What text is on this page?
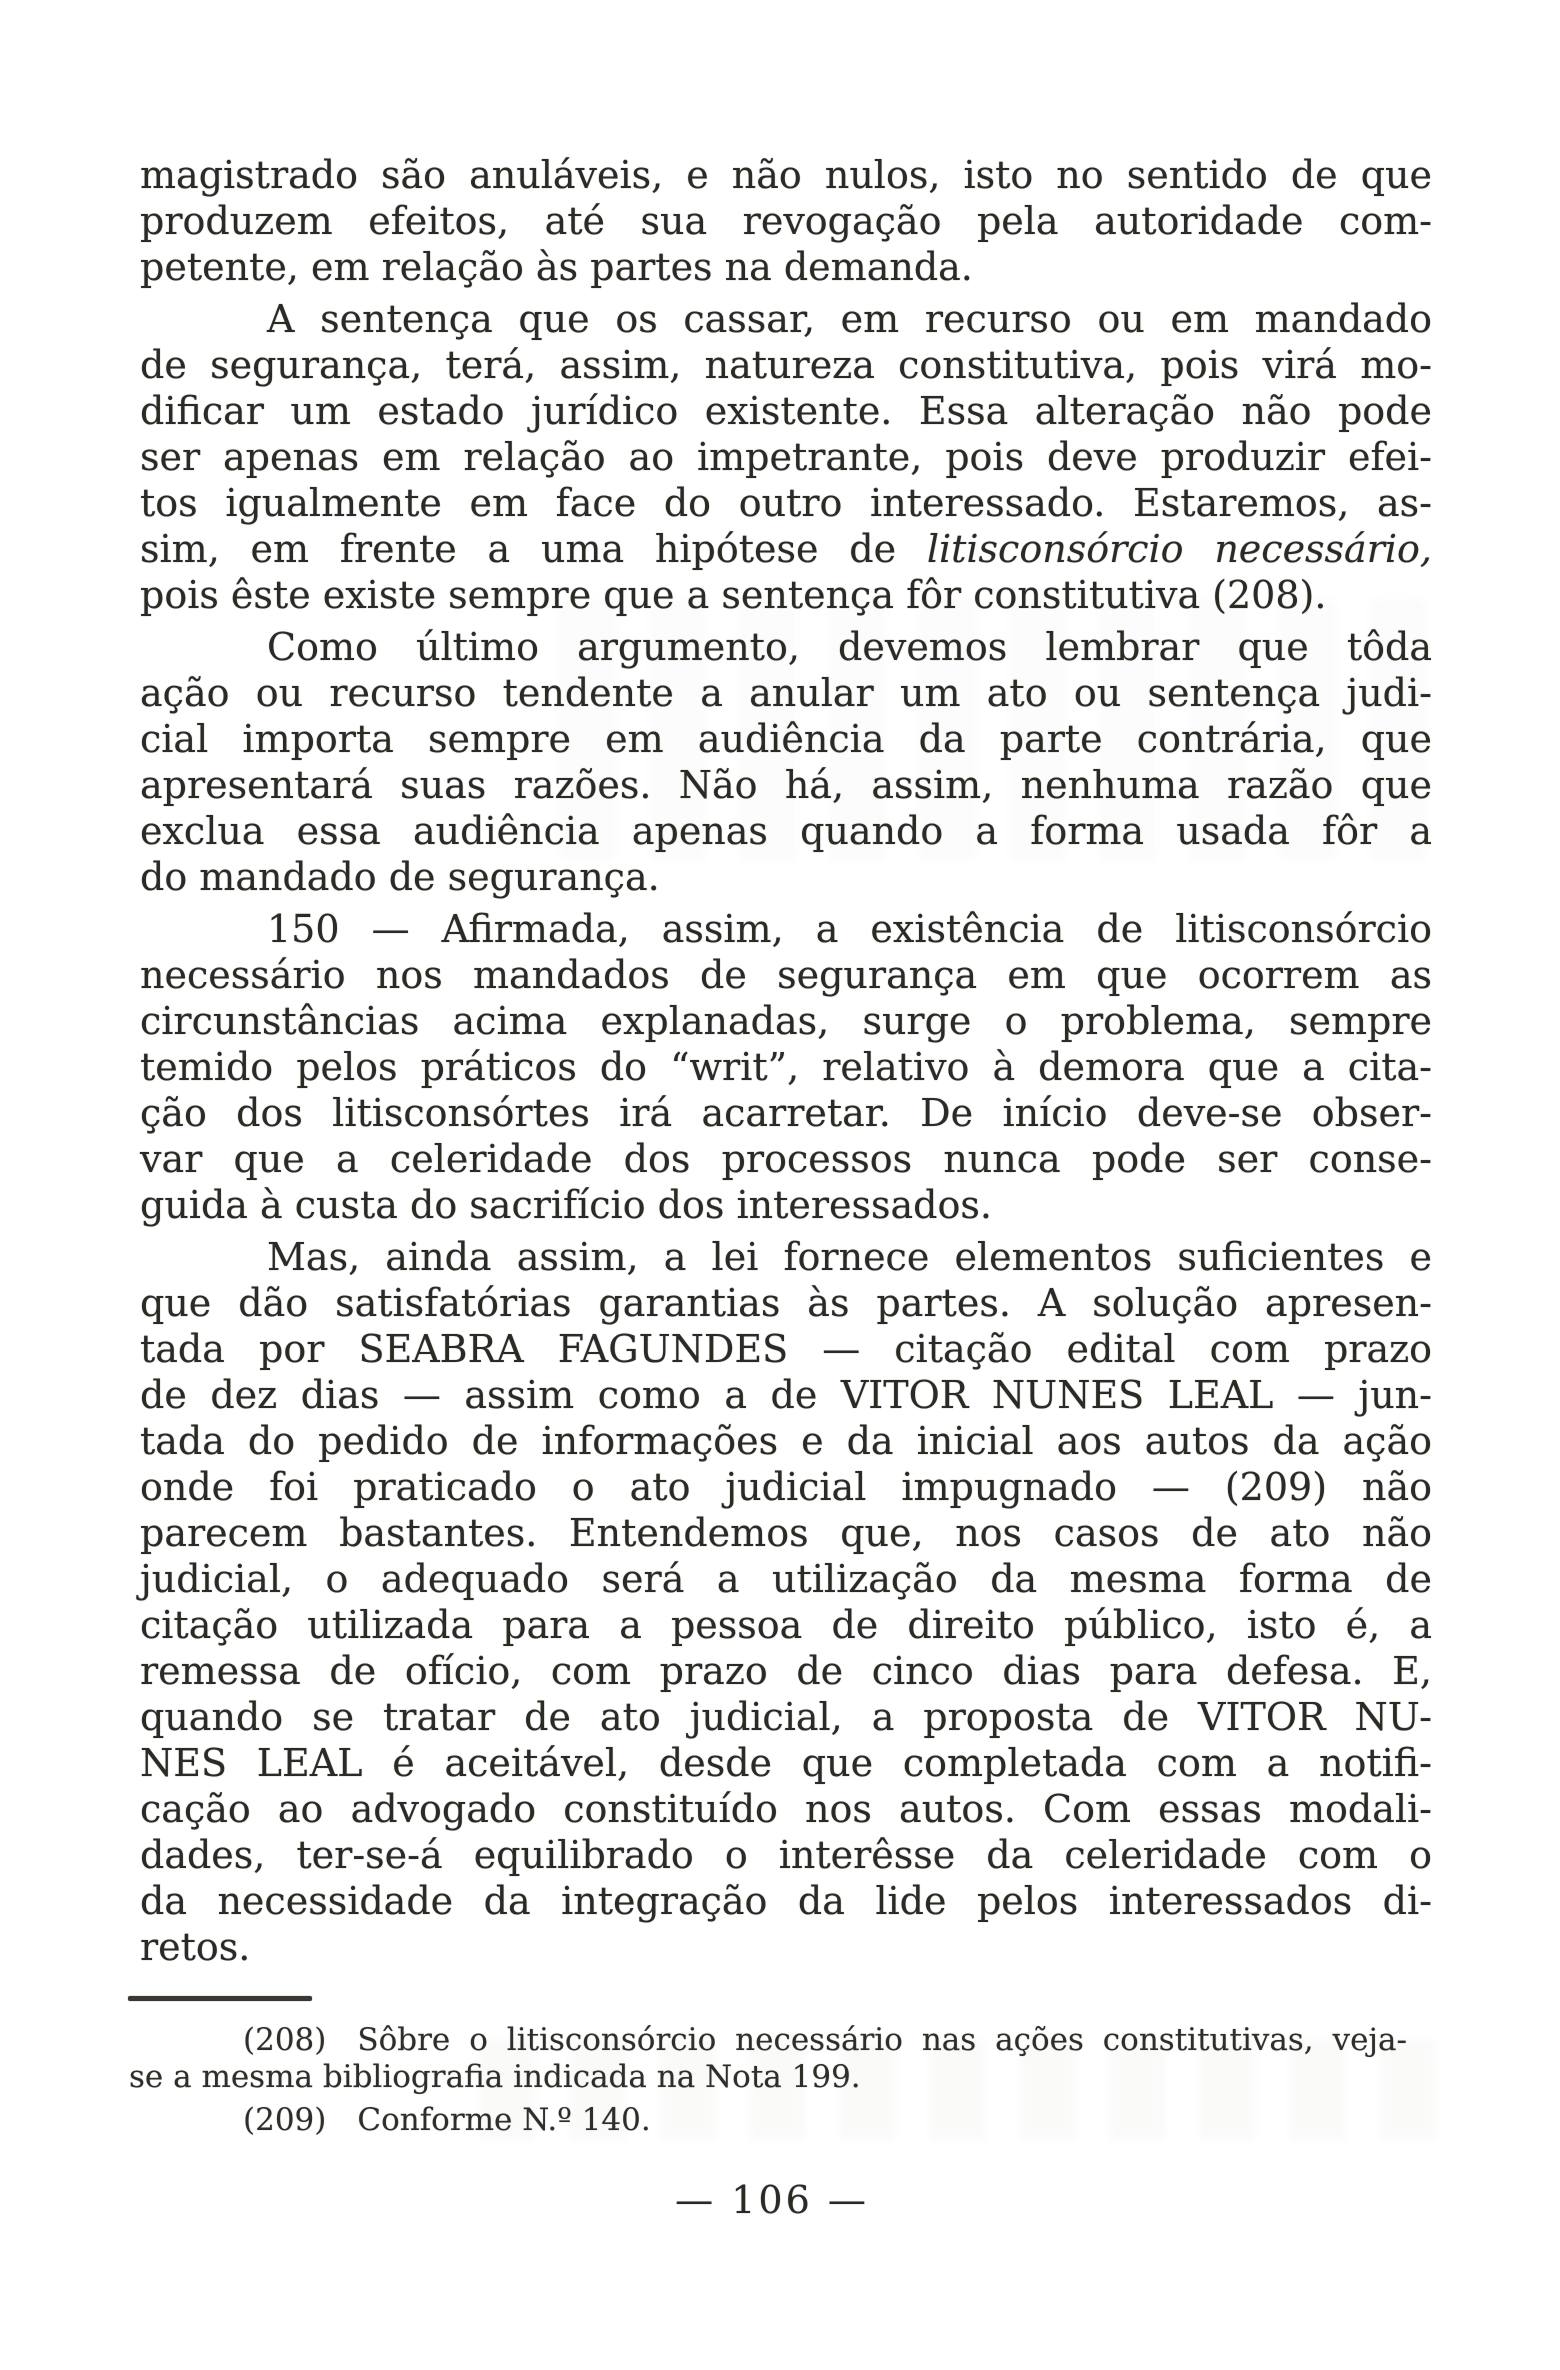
magistrado são anuláveis, e não nulos, isto no sentido de que
produzem efeitos, até sua revogação pela autoridade com-
petente, em relação às partes na demanda.
A sentença que os cassar, em recurso ou em mandado
de segurança, terá, assim, natureza constitutiva, pois virá mo-
dificar um estado jurídico existente. Essa alteração não pode
ser apenas em relação ao impetrante, pois deve produzir efei-
tos igualmente em face do outro interessado. Estaremos, as-
sim, em frente a uma hipótese de litisconsórcio necessário,
pois êste existe sempre que a sentença fôr constitutiva (208).
Como último argumento, devemos lembrar que tôda
ação ou recurso tendente a anular um ato ou sentença judi-
cial importa sempre em audiência da parte contrária, que
apresentará suas razões. Não há, assim, nenhuma razão que
exclua essa audiência apenas quando a forma usada fôr a
do mandado de segurança.
150 — Afirmada, assim, a existência de litisconsórcio
necessário nos mandados de segurança em que ocorrem as
circunstâncias acima explanadas, surge o problema, sempre
temido pelos práticos do “writ”, relativo à demora que a cita-
ção dos litisconsórtes irá acarretar. De início deve-se obser-
var que a celeridade dos processos nunca pode ser conse-
guida à custa do sacrifício dos interessados.
Mas, ainda assim, a lei fornece elementos suficientes e
que dão satisfatórias garantias às partes. A solução apresen-
tada por SEABRA FAGUNDES — citação edital com prazo
de dez dias — assim como a de VITOR NUNES LEAL — jun-
tada do pedido de informações e da inicial aos autos da ação
onde foi praticado o ato judicial impugnado — (209) não
parecem bastantes. Entendemos que, nos casos de ato não
judicial, o adequado será a utilização da mesma forma de
citação utilizada para a pessoa de direito público, isto é, a
remessa de ofício, com prazo de cinco dias para defesa. E,
quando se tratar de ato judicial, a proposta de VITOR NU-
NES LEAL é aceitável, desde que completada com a notifi-
cação ao advogado constituído nos autos. Com essas modali-
dades, ter-se-á equilibrado o interêsse da celeridade com o
da necessidade da integração da lide pelos interessados di-
retos.
(208) Sôbre o litisconsórcio necessário nas ações constitutivas, veja-
se a mesma bibliografia indicada na Nota 199.
(209) Conforme N.º 140.
— 106 —
